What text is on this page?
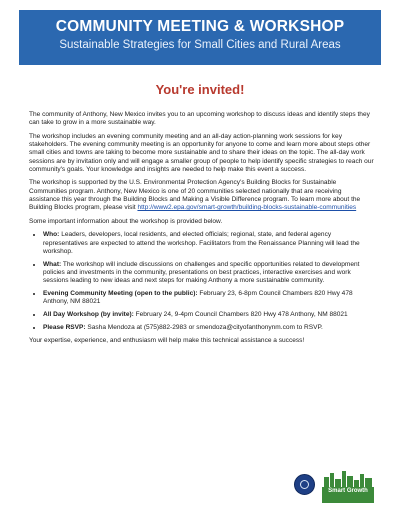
COMMUNITY MEETING & WORKSHOP
Sustainable Strategies for Small Cities and Rural Areas
You're invited!

The community of Anthony, New Mexico invites you to an upcoming workshop to discuss ideas and identify steps they can take to grow in a more sustainable way.

The workshop includes an evening community meeting and an all-day action-planning work sessions for key stakeholders. The evening community meeting is an opportunity for anyone to come and learn more about steps other small cities and towns are taking to become more sustainable and to share their ideas on the topic. The all-day work sessions are by invitation only and will engage a smaller group of people to help identify specific strategies to reach our community's goals. Your knowledge and insights are needed to help make this event a success.

The workshop is supported by the U.S. Environmental Protection Agency's Building Blocks for Sustainable Communities program. Anthony, New Mexico is one of 20 communities selected nationally that are receiving assistance this year through the Building Blocks and Making a Visible Difference program. To learn more about the Building Blocks program, please visit http://www2.epa.gov/smart-growth/building-blocks-sustainable-communities

Some important information about the workshop is provided below.

• Who: Leaders, developers, local residents, and elected officials; regional, state, and federal agency representatives are expected to attend the workshop. Facilitators from the Renaissance Planning will lead the workshop.
• What: The workshop will include discussions on challenges and specific opportunities related to development policies and investments in the community, presentations on best practices, interactive exercises and work sessions leading to new ideas and next steps for making Anthony a more sustainable community.
• Evening Community Meeting (open to the public): February 23, 6-8pm Council Chambers 820 Hwy 478 Anthony, NM 88021
• All Day Workshop (by invite): February 24, 9-4pm Council Chambers 820 Hwy 478 Anthony, NM 88021
• Please RSVP: Sasha Mendoza at (575)882-2983 or smendoza@cityofanthonynm.com to RSVP.

Your expertise, experience, and enthusiasm will help make this technical assistance a success!

Smart Growth
